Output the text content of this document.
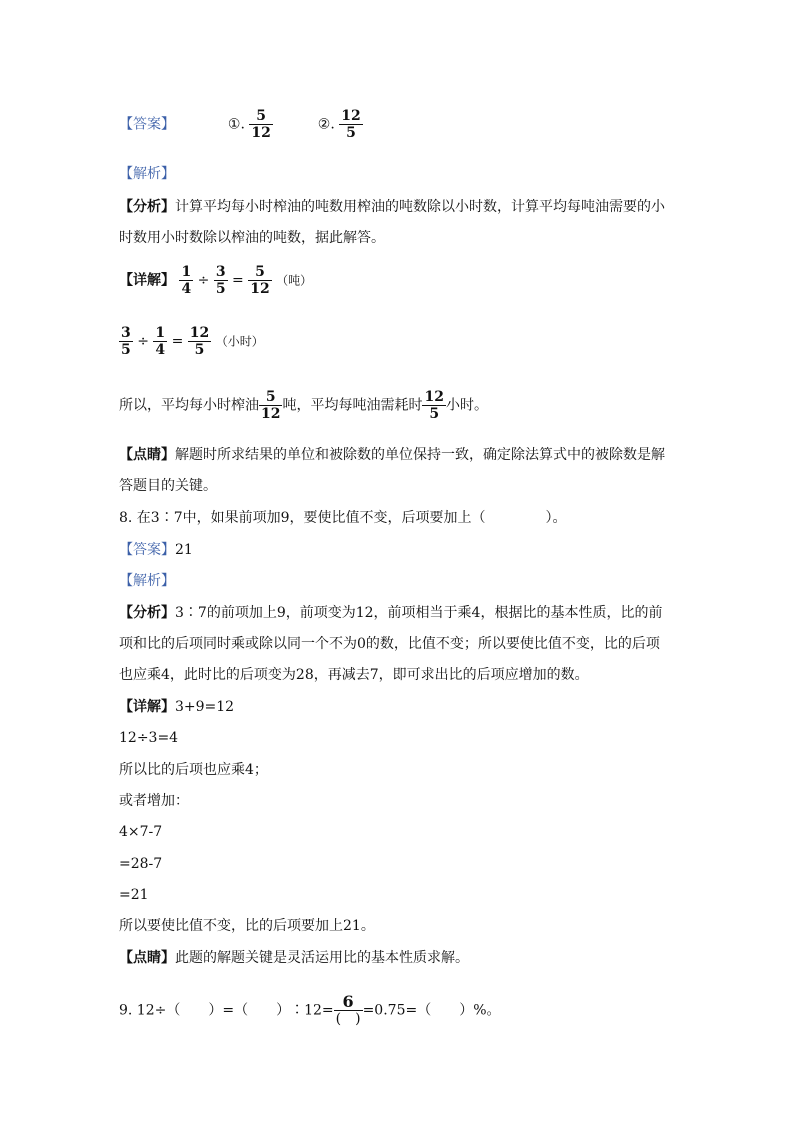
【答案】	①. $\frac{5}{12}$	②. $\frac{12}{5}$
【解析】
【分析】计算平均每小时榨油的吨数用榨油的吨数除以小时数，计算平均每吨油需要的小
时数用小时数除以榨油的吨数，据此解答。
【详解】 $\frac{1}{4} \div \frac{3}{5} = \frac{5}{12}$ （吨）
$\frac{3}{5} \div \frac{1}{4} = \frac{12}{5}$ （小时）
所以，平均每小时榨油 $\frac{5}{12}$ 吨，平均每吨油需耗时 $\frac{12}{5}$ 小时。
【点睛】解题时所求结果的单位和被除数的单位保持一致，确定除法算式中的被除数是解
答题目的关键。
8. 在3∶7中，如果前项加9，要使比值不变，后项要加上（	）。
【答案】21
【解析】
【分析】3∶7的前项加上9，前项变为12，前项相当于乘4，根据比的基本性质，比的前
项和比的后项同时乘或除以同一个不为0的数，比值不变；所以要使比值不变，比的后项
也应乘4，此时比的后项变为28，再减去7，即可求出比的后项应增加的数。
【详解】3+9=12
12÷3=4
所以比的后项也应乘4；
或者增加：
4×7-7
=28-7
=21
所以要使比值不变，比的后项要加上21。
【点睛】此题的解题关键是灵活运用比的基本性质求解。
9. 12÷（　　）=（　　）∶12= 6
(　)
=0.75=（　　）%。
